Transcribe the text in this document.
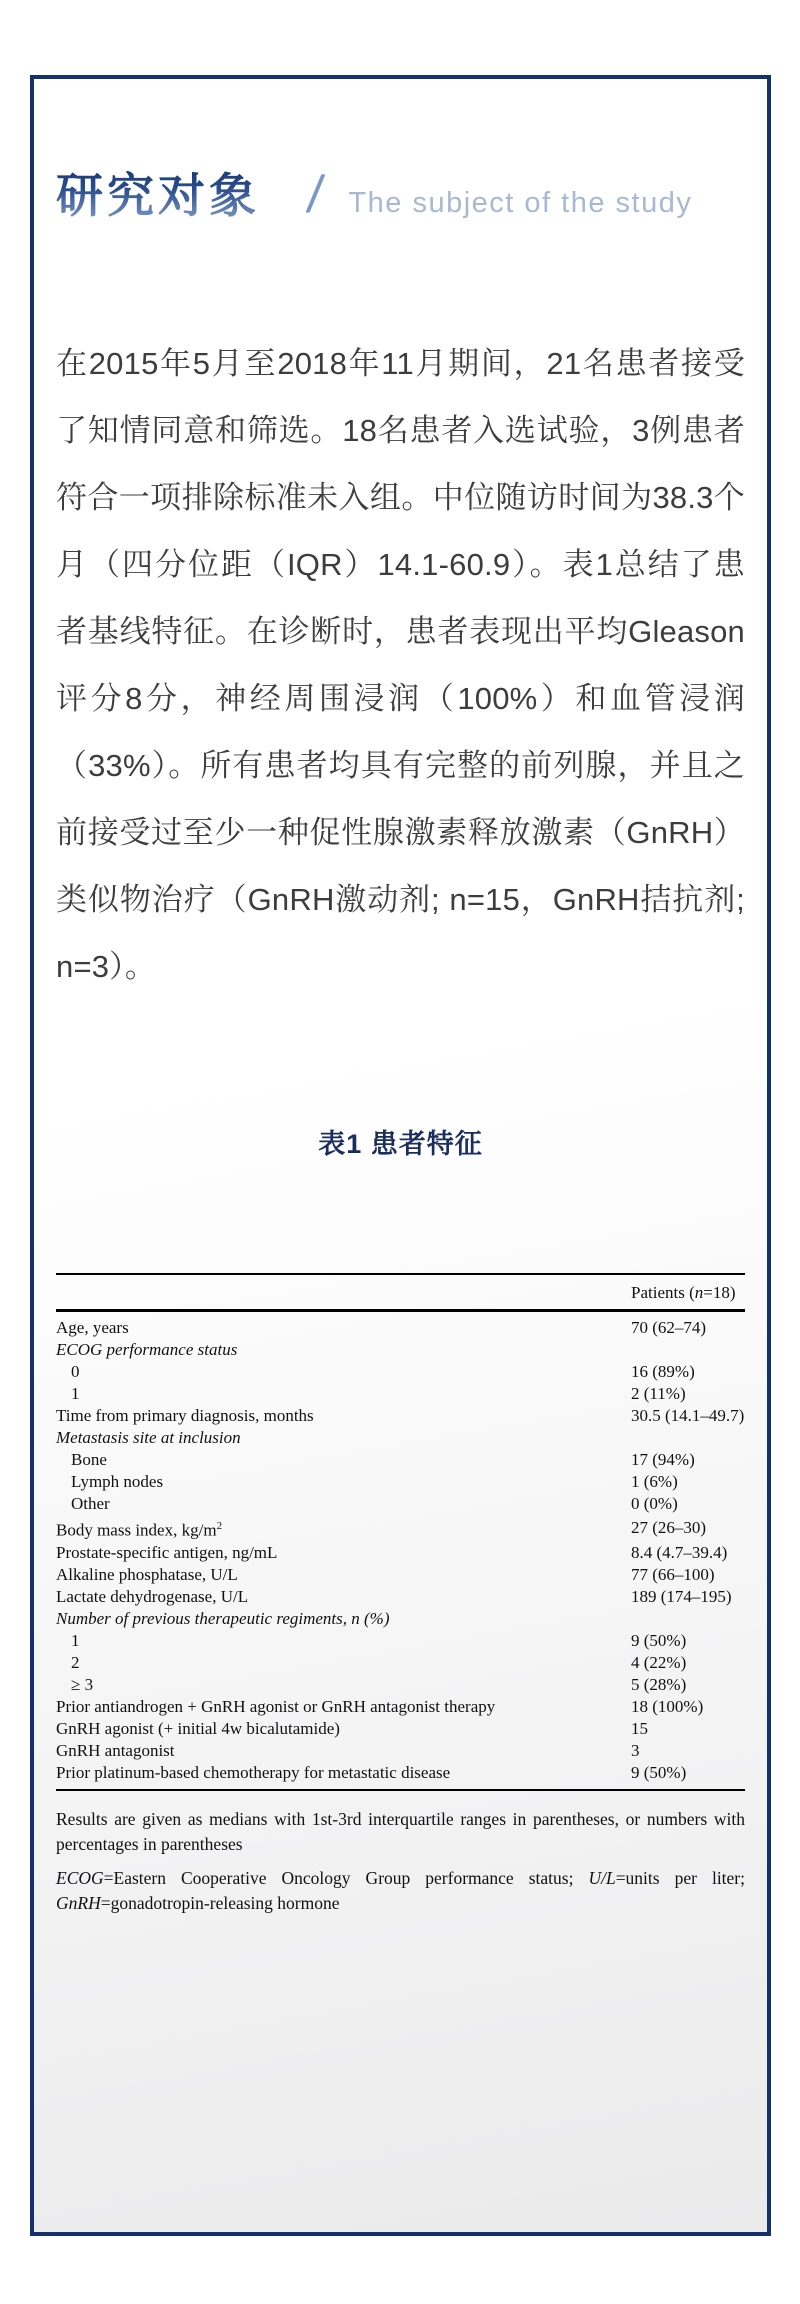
研究对象 / The subject of the study

在2015年5月至2018年11月期间，21名患者接受了知情同意和筛选。18名患者入选试验，3例患者符合一项排除标准未入组。中位随访时间为38.3个月（四分位距（IQR）14.1-60.9）。表1总结了患者基线特征。在诊断时，患者表现出平均Gleason评分8分，神经周围浸润（100%）和血管浸润（33%）。所有患者均具有完整的前列腺，并且之前接受过至少一种促性腺激素释放激素（GnRH）类似物治疗（GnRH激动剂; n=15，GnRH拮抗剂; n=3）。

表1 患者特征
	Patients (n=18)
Age, years	70 (62–74)
ECOG performance status	
0	16 (89%)
1	2 (11%)
Time from primary diagnosis, months	30.5 (14.1–49.7)
Metastasis site at inclusion	
Bone	17 (94%)
Lymph nodes	1 (6%)
Other	0 (0%)
Body mass index, $kg/m^2$	27 (26–30)
Prostate-specific antigen, ng/mL	8.4 (4.7–39.4)
Alkaline phosphatase, U/L	77 (66–100)
Lactate dehydrogenase, U/L	189 (174–195)
Number of previous therapeutic regiments, n (%)	
1	9 (50%)
2	4 (22%)
≥ 3	5 (28%)
Prior antiandrogen + GnRH agonist or GnRH antagonist therapy	18 (100%)
GnRH agonist (+ initial 4w bicalutamide)	15
GnRH antagonist	3
Prior platinum-based chemotherapy for metastatic disease	9 (50%)

Results are given as medians with 1st-3rd interquartile ranges in parentheses, or numbers with percentages in parentheses

ECOG=Eastern Cooperative Oncology Group performance status; U/L=units per liter; GnRH=gonadotropin-releasing hormone
